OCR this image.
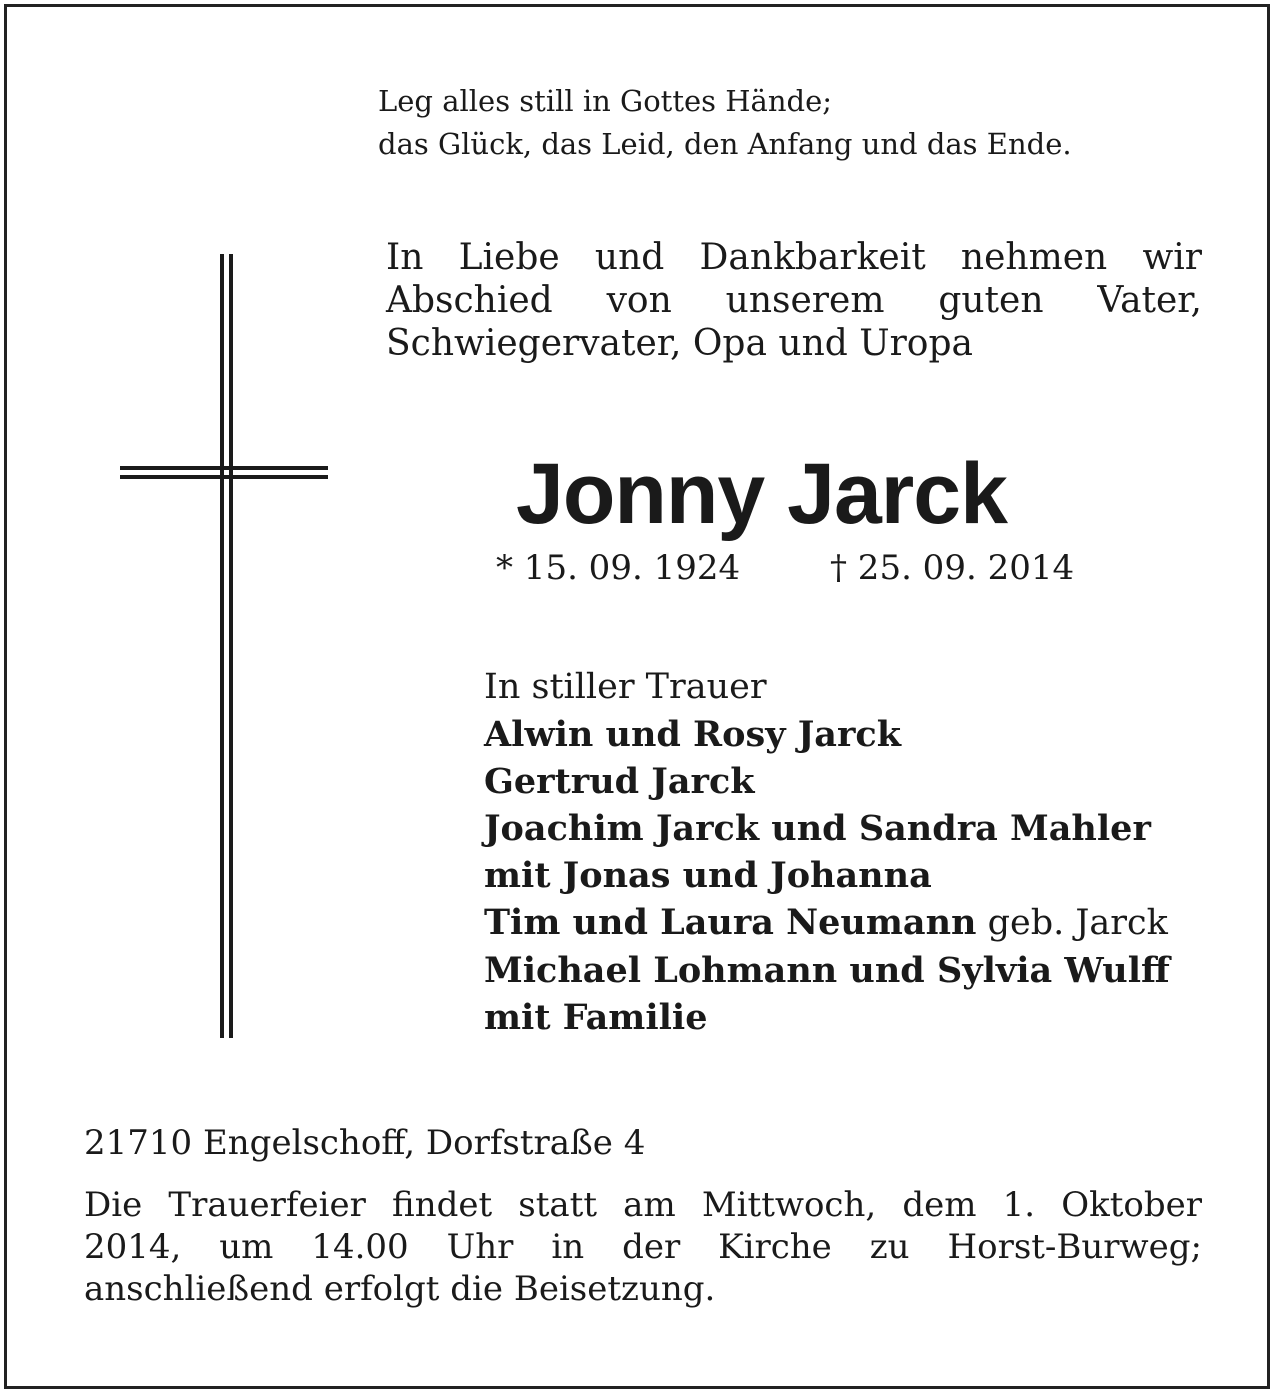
Leg alles still in Gottes Hände;
das Glück, das Leid, den Anfang und das Ende.
In Liebe und Dankbarkeit nehmen wir
Abschied von unserem guten Vater,
Schwiegervater, Opa und Uropa
Jonny Jarck
* 15. 09. 1924	† 25. 09. 2014
In stiller Trauer
Alwin und Rosy Jarck
Gertrud Jarck
Joachim Jarck und Sandra Mahler
mit Jonas und Johanna
Tim und Laura Neumann geb. Jarck
Michael Lohmann und Sylvia Wulff
mit Familie
21710 Engelschoff, Dorfstraße 4
Die Trauerfeier findet statt am Mittwoch, dem 1. Oktober
2014, um 14.00 Uhr in der Kirche zu Horst-Burweg;
anschließend erfolgt die Beisetzung.
